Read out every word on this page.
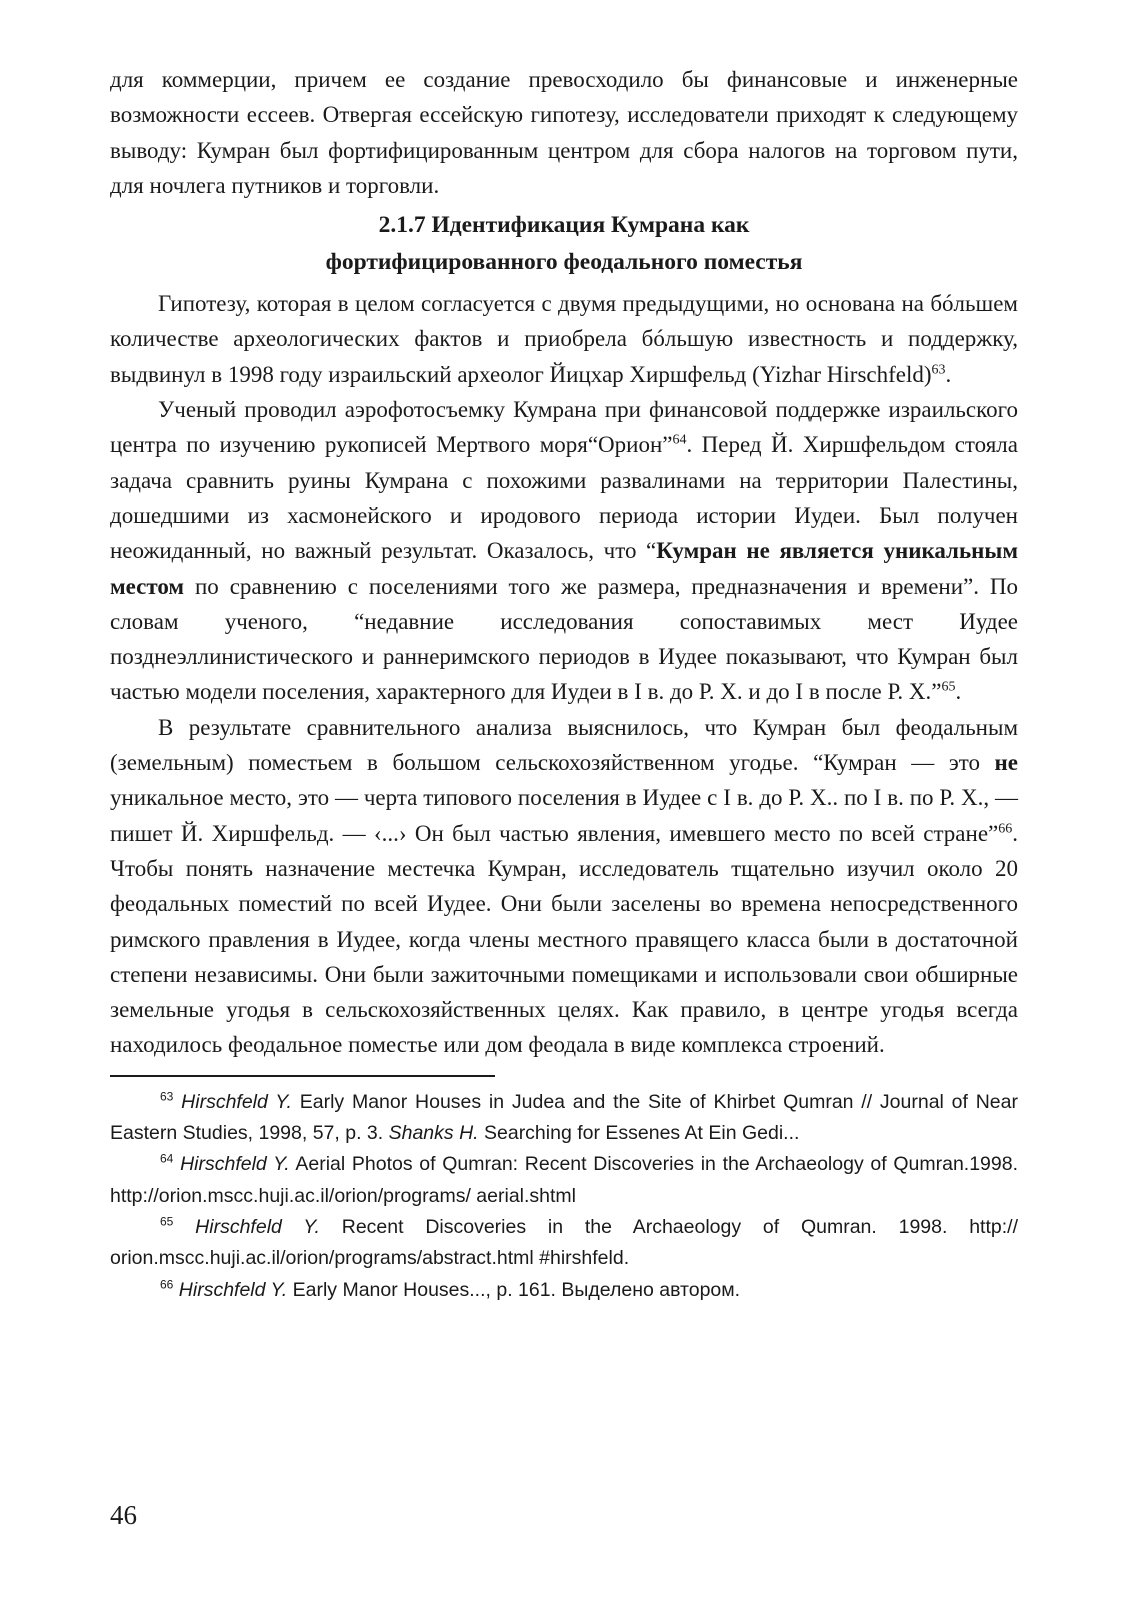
для коммерции, причем ее создание превосходило бы финансовые и инженерные возможности ессеев. Отвергая ессейскую гипотезу, исследователи приходят к следующему выводу: Кумран был фортифицированным центром для сбора налогов на торговом пути, для ночлега путников и торговли.

2.1.7 Идентификация Кумрана как
фортифицированного феодального поместья

Гипотезу, которая в целом согласуется с двумя предыдущими, но основана на бóльшем количестве археологических фактов и приобрела бóльшую известность и поддержку, выдвинул в 1998 году израильский археолог Йицхар Хиршфельд (Yizhar Hirschfeld)$^{63}$.

Ученый проводил аэрофотосъемку Кумрана при финансовой поддержке израильского центра по изучению рукописей Мертвого моря“Орион”$^{64}$. Перед Й. Хиршфельдом стояла задача сравнить руины Кумрана с похожими развалинами на территории Палестины, дошедшими из хасмонейского и иродового периода истории Иудеи. Был получен неожиданный, но важный результат. Оказалось, что “Кумран не является уникальным местом по сравнению с поселениями того же размера, предназначения и времени”. По словам ученого, “недавние исследования сопоставимых мест Иудее позднеэллинистического и раннеримского периодов в Иудее показывают, что Кумран был частью модели поселения, характерного для Иудеи в I в. до Р. Х. и до I в после Р. Х.”$^{65}$.

В результате сравнительного анализа выяснилось, что Кумран был феодальным (земельным) поместьем в большом сельскохозяйственном угодье. “Кумран — это не уникальное место, это — черта типового поселения в Иудее с I в. до Р. Х.. по I в. по Р. Х., — пишет Й. Хиршфельд. — ‹...› Он был частью явления, имевшего место по всей стране”$^{66}$. Чтобы понять назначение местечка Кумран, исследователь тщательно изучил около 20 феодальных поместий по всей Иудее. Они были заселены во времена непосредственного римского правления в Иудее, когда члены местного правящего класса были в достаточной степени независимы. Они были зажиточными помещиками и использовали свои обширные земельные угодья в сельскохозяйственных целях. Как правило, в центре угодья всегда находилось феодальное поместье или дом феодала в виде комплекса строений.

$^{63}$ Hirschfeld Y. Early Manor Houses in Judea and the Site of Khirbet Qumran // Journal of Near Eastern Studies, 1998, 57, p. 3. Shanks H. Searching for Essenes At Ein Gedi...

$^{64}$ Hirschfeld Y. Aerial Photos of Qumran: Recent Discoveries in the Archaeology of Qumran.1998. http://orion.mscc.huji.ac.il/orion/programs/ aerial.shtml

$^{65}$ Hirschfeld Y. Recent Discoveries in the Archaeology of Qumran. 1998. http:// orion.mscc.huji.ac.il/orion/programs/abstract.html #hirshfeld.

$^{66}$ Hirschfeld Y. Early Manor Houses..., p. 161. Выделено автором.

46
